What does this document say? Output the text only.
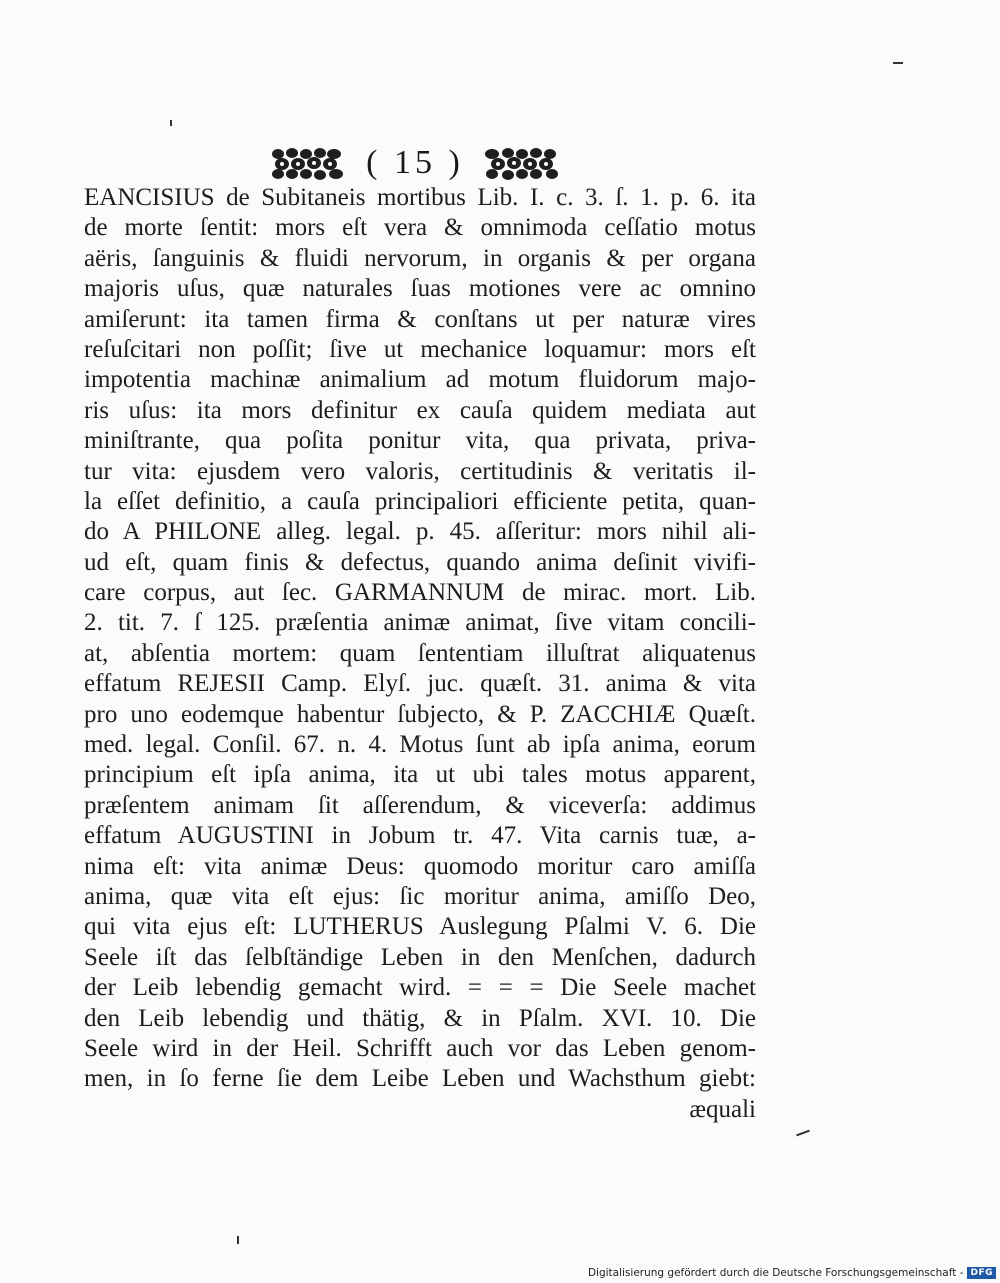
( 15 )
EANCISIUS de Subitaneis mortibus Lib. I. c. 3. ſ. 1. p. 6. ita
de morte ſentit: mors eſt vera & omnimoda ceſſatio motus
aëris, ſanguinis & fluidi nervorum, in organis & per organa
majoris uſus, quæ naturales ſuas motiones vere ac omnino
amiſerunt: ita tamen firma & conſtans ut per naturæ vires
reſuſcitari non poſſit; ſive ut mechanice loquamur: mors eſt
impotentia machinæ animalium ad motum fluidorum majo-
ris uſus: ita mors definitur ex cauſa quidem mediata aut
miniſtrante, qua poſita ponitur vita, qua privata, priva-
tur vita: ejusdem vero valoris, certitudinis & veritatis il-
la eſſet definitio, a cauſa principaliori efficiente petita, quan-
do A PHILONE alleg. legal. p. 45. aſſeritur: mors nihil ali-
ud eſt, quam finis & defectus, quando anima deſinit vivifi-
care corpus, aut ſec. GARMANNUM de mirac. mort. Lib.
2. tit. 7. ſ 125. præſentia animæ animat, ſive vitam concili-
at, abſentia mortem: quam ſententiam illuſtrat aliquatenus
effatum REJESII Camp. Elyſ. juc. quæſt. 31. anima & vita
pro uno eodemque habentur ſubjecto, & P. ZACCHIÆ Quæſt.
med. legal. Conſil. 67. n. 4. Motus ſunt ab ipſa anima, eorum
principium eſt ipſa anima, ita ut ubi tales motus apparent,
præſentem animam ſit aſſerendum, & viceverſa: addimus
effatum AUGUSTINI in Jobum tr. 47. Vita carnis tuæ, a-
nima eſt: vita animæ Deus: quomodo moritur caro amiſſa
anima, quæ vita eſt ejus: ſic moritur anima, amiſſo Deo,
qui vita ejus eſt: LUTHERUS Auslegung Pſalmi V. 6. Die
Seele iſt das ſelbſtändige Leben in den Menſchen, dadurch
der Leib lebendig gemacht wird. = = = Die Seele machet
den Leib lebendig und thätig, & in Pſalm. XVI. 10. Die
Seele wird in der Heil. Schrifft auch vor das Leben genom-
men, in ſo ferne ſie dem Leibe Leben und Wachsthum giebt:
æquali
Digitalisierung gefördert durch die Deutsche Forschungsgemeinschaft - DFG
